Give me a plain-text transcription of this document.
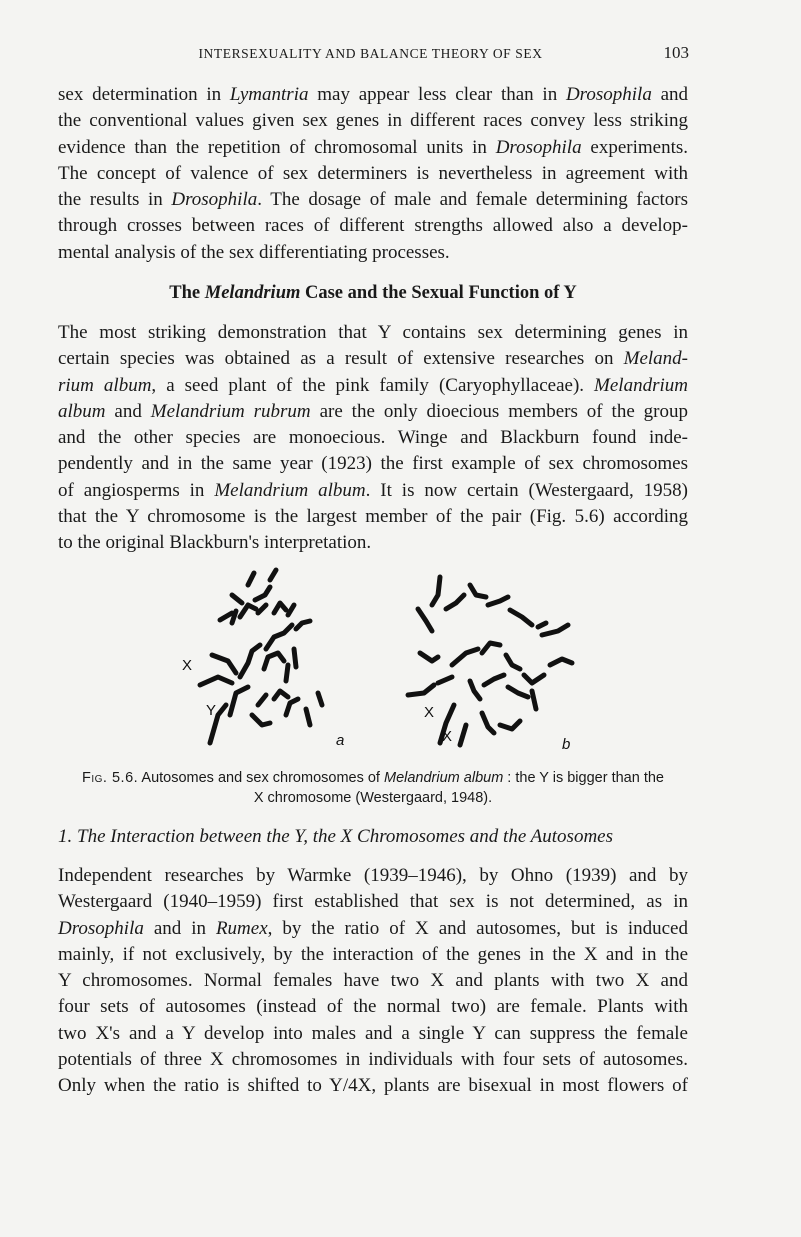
INTERSEXUALITY AND BALANCE THEORY OF SEX	103
sex determination in Lymantria may appear less clear than in Drosophila and
the conventional values given sex genes in different races convey less striking
evidence than the repetition of chromosomal units in Drosophila experiments.
The concept of valence of sex determiners is nevertheless in agreement with
the results in Drosophila. The dosage of male and female determining factors
through crosses between races of different strengths allowed also a develop-
mental analysis of the sex differentiating processes.
The Melandrium Case and the Sexual Function of Y
The most striking demonstration that Y contains sex determining genes in
certain species was obtained as a result of extensive researches on Meland-
rium album, a seed plant of the pink family (Caryophyllaceae). Melandrium
album and Melandrium rubrum are the only dioecious members of the group
and the other species are monoecious. Winge and Blackburn found inde-
pendently and in the same year (1923) the first example of sex chromosomes
of angiosperms in Melandrium album. It is now certain (Westergaard, 1958)
that the Y chromosome is the largest member of the pair (Fig. 5.6) according
to the original Blackburn's interpretation.
X
Y
a
X
X	b
Fig. 5.6. Autosomes and sex chromosomes of Melandrium album : the Y is bigger than the
X chromosome (Westergaard, 1948).
1. The Interaction between the Y, the X Chromosomes and the Autosomes
Independent researches by Warmke (1939–1946), by Ohno (1939) and by
Westergaard (1940–1959) first established that sex is not determined, as in
Drosophila and in Rumex, by the ratio of X and autosomes, but is induced
mainly, if not exclusively, by the interaction of the genes in the X and in the
Y chromosomes. Normal females have two X and plants with two X and
four sets of autosomes (instead of the normal two) are female. Plants with
two X's and a Y develop into males and a single Y can suppress the female
potentials of three X chromosomes in individuals with four sets of autosomes.
Only when the ratio is shifted to Y/4X, plants are bisexual in most flowers of
